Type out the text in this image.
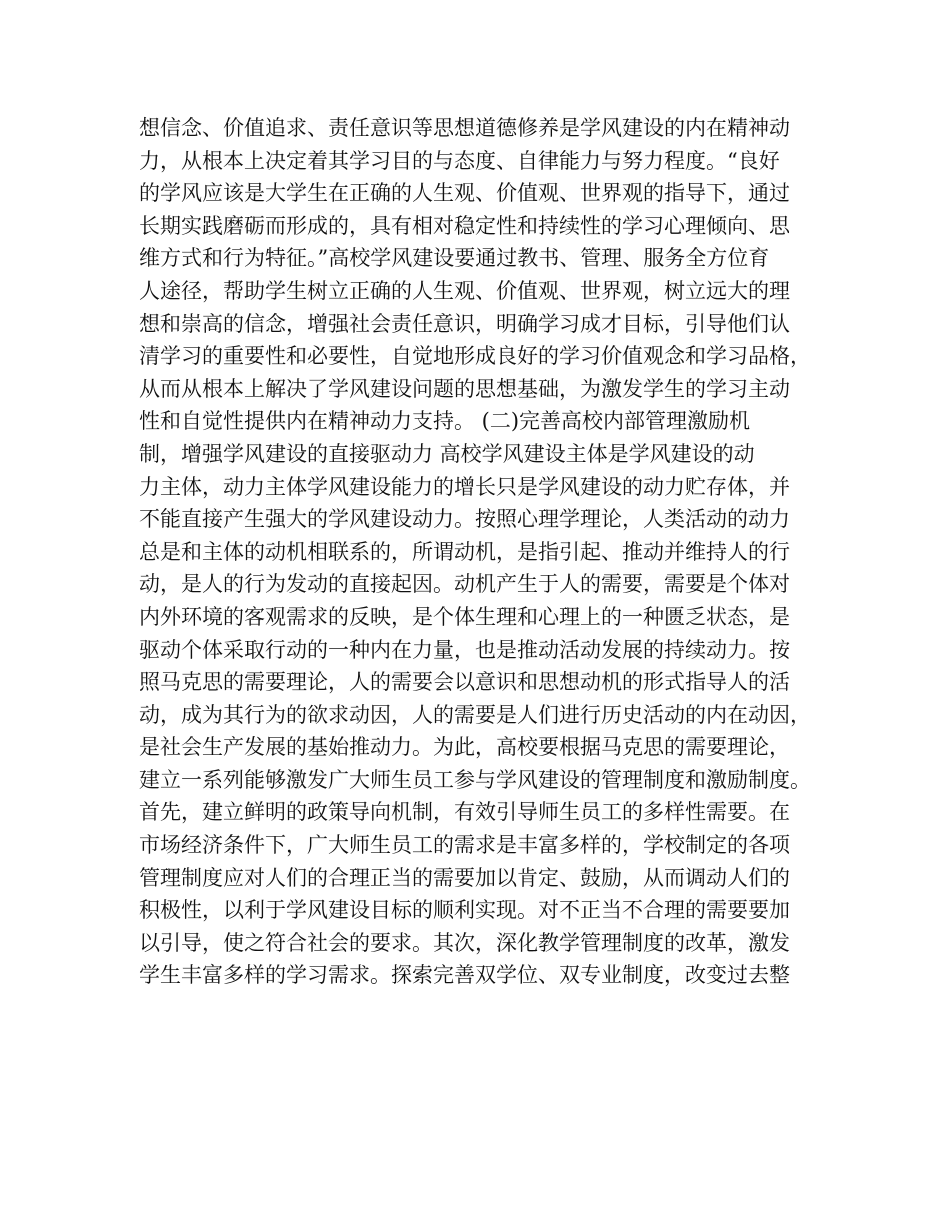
想信念、价值追求、责任意识等思想道德修养是学风建设的内在精神动
力，从根本上决定着其学习目的与态度、自律能力与努力程度。“良好
的学风应该是大学生在正确的人生观、价值观、世界观的指导下，通过
长期实践磨砺而形成的，具有相对稳定性和持续性的学习心理倾向、思
维方式和行为特征。”高校学风建设要通过教书、管理、服务全方位育
人途径，帮助学生树立正确的人生观、价值观、世界观，树立远大的理
想和崇高的信念，增强社会责任意识，明确学习成才目标，引导他们认
清学习的重要性和必要性，自觉地形成良好的学习价值观念和学习品格，
从而从根本上解决了学风建设问题的思想基础，为激发学生的学习主动
性和自觉性提供内在精神动力支持。 (二)完善高校内部管理激励机
制，增强学风建设的直接驱动力 高校学风建设主体是学风建设的动
力主体，动力主体学风建设能力的增长只是学风建设的动力贮存体，并
不能直接产生强大的学风建设动力。按照心理学理论，人类活动的动力
总是和主体的动机相联系的，所谓动机，是指引起、推动并维持人的行
动，是人的行为发动的直接起因。动机产生于人的需要，需要是个体对
内外环境的客观需求的反映，是个体生理和心理上的一种匮乏状态，是
驱动个体采取行动的一种内在力量，也是推动活动发展的持续动力。按
照马克思的需要理论，人的需要会以意识和思想动机的形式指导人的活
动，成为其行为的欲求动因，人的需要是人们进行历史活动的内在动因，
是社会生产发展的基始推动力。为此，高校要根据马克思的需要理论，
建立一系列能够激发广大师生员工参与学风建设的管理制度和激励制度。
首先，建立鲜明的政策导向机制，有效引导师生员工的多样性需要。在
市场经济条件下，广大师生员工的需求是丰富多样的，学校制定的各项
管理制度应对人们的合理正当的需要加以肯定、鼓励，从而调动人们的
积极性，以利于学风建设目标的顺利实现。对不正当不合理的需要要加
以引导，使之符合社会的要求。其次，深化教学管理制度的改革，激发
学生丰富多样的学习需求。探索完善双学位、双专业制度，改变过去整
